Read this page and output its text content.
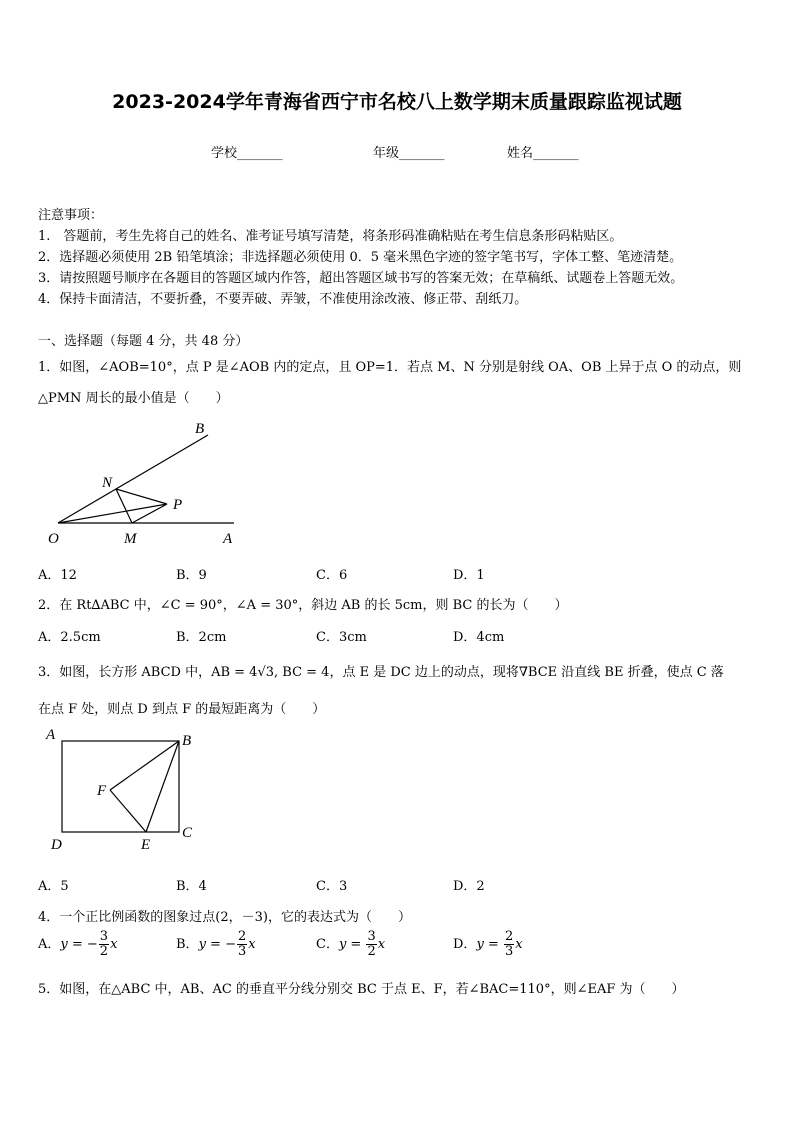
2023-2024学年青海省西宁市名校八上数学期末质量跟踪监视试题
学校_______	年级_______	姓名_______
注意事项：
1.　答题前，考生先将自己的姓名、准考证号填写清楚，将条形码准确粘贴在考生信息条形码粘贴区。
2．选择题必须使用 2B 铅笔填涂；非选择题必须使用 0．5 毫米黑色字迹的签字笔书写，字体工整、笔迹清楚。
3．请按照题号顺序在各题目的答题区域内作答，超出答题区域书写的答案无效；在草稿纸、试题卷上答题无效。
4．保持卡面清洁，不要折叠，不要弄破、弄皱，不准使用涂改液、修正带、刮纸刀。
一、选择题（每题 4 分，共 48 分）
1．如图，∠AOB=10°，点 P 是∠AOB 内的定点，且 OP=1．若点 M、N 分别是射线 OA、OB 上异于点 O 的动点，则
△PMN 周长的最小值是（　　）
B
N
P
O	M	A
A．12	B．9	C．6	D．1
2．在 Rt∆ABC 中，∠C = 90°，∠A = 30°，斜边 AB 的长 5cm，则 BC 的长为（　　）
A．2.5cm	B．2cm	C．3cm	D．4cm
3．如图，长方形 ABCD 中，AB = 4√3, BC = 4，点 E 是 DC 边上的动点，现将∇BCE 沿直线 BE 折叠，使点 C 落
在点 F 处，则点 D 到点 F 的最短距离为（　　）
A	B
F
D	E
C
A．5	B．4	C．3	D．2
4．一个正比例函数的图象过点(2，－3)，它的表达式为（　　）
A．y = − $\frac{3}{2}$ x	B．y = − $\frac{2}{3}$ x	C．$y = \frac{3}{2}$ x	D．$y = \frac{2}{3}$ x
5．如图，在△ABC 中，AB、AC 的垂直平分线分别交 BC 于点 E、F，若∠BAC=110°，则∠EAF 为（　　）
